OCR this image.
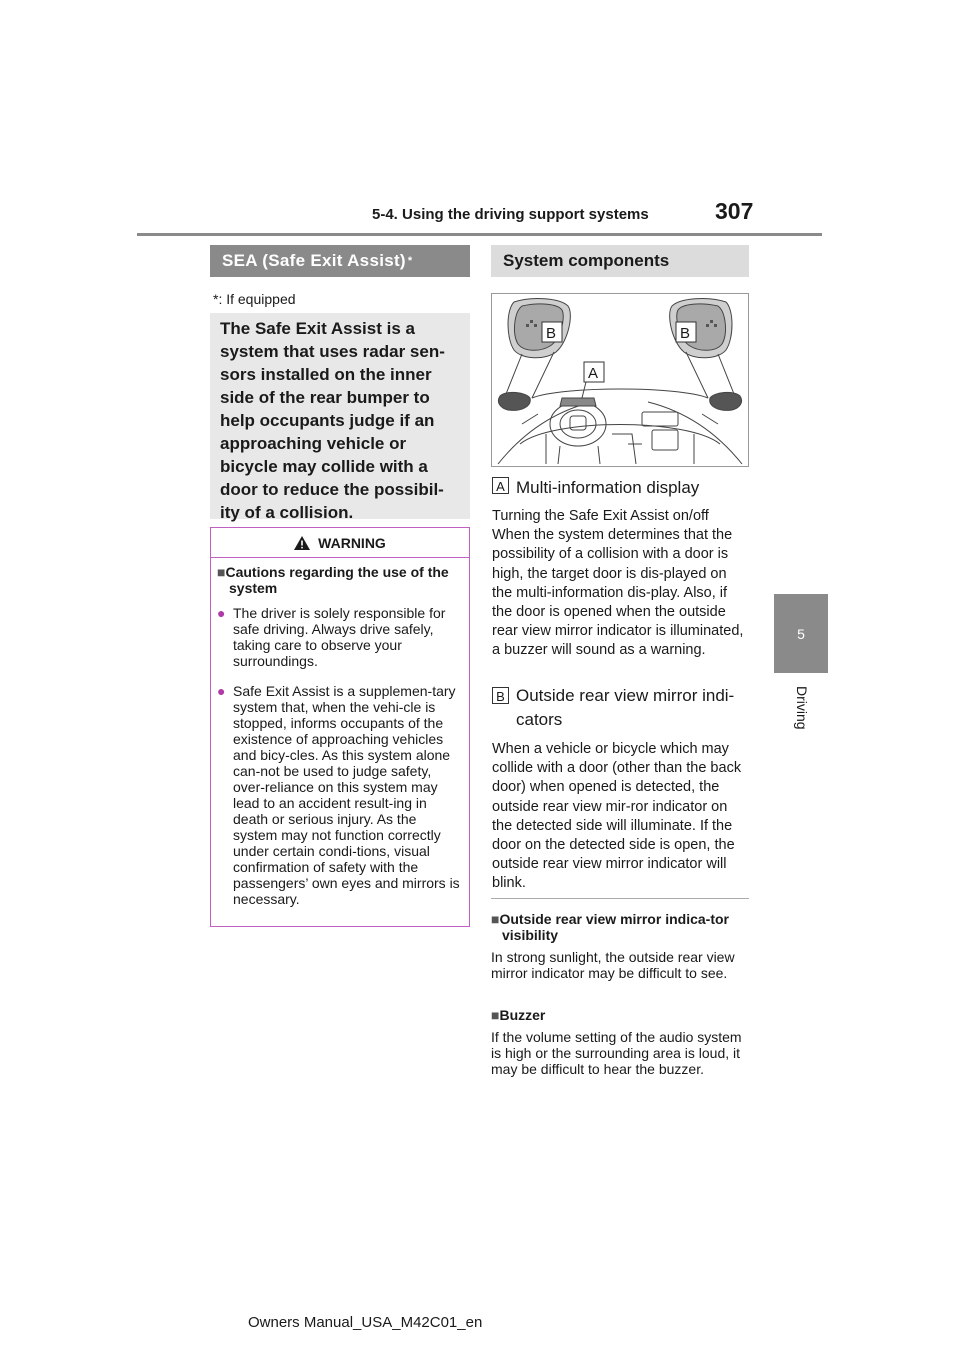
5-4. Using the driving support systems	307
5
Driving
SEA (Safe Exit Assist) *
*: If equipped
The Safe Exit Assist is a
system that uses radar sen-
sors installed on the inner
side of the rear bumper to
help occupants judge if an
approaching vehicle or
bicycle may collide with a
door to reduce the possibil-
ity of a collision.
WARNING
■Cautions regarding the use of the system
● The driver is solely responsible for safe driving. Always drive safely, taking care to observe your surroundings.
● Safe Exit Assist is a supplemen-tary system that, when the vehi-cle is stopped, informs occupants of the existence of approaching vehicles and bicy-cles. As this system alone can-not be used to judge safety, over-reliance on this system may lead to an accident result-ing in death or serious injury. As the system may not function correctly under certain condi-tions, visual confirmation of safety with the passengers’ own eyes and mirrors is necessary.
System components
B	B
A
A Multi-information display
Turning the Safe Exit Assist on/off When the system determines that the possibility of a collision with a door is high, the target door is dis-played on the multi-information dis-play. Also, if the door is opened when the outside rear view mirror indicator is illuminated, a buzzer will sound as a warning.
B Outside rear view mirror indi-cators
When a vehicle or bicycle which may collide with a door (other than the back door) when opened is detected, the outside rear view mir-ror indicator on the detected side will illuminate. If the door on the detected side is open, the outside rear view mirror indicator will blink.
■Outside rear view mirror indica-tor visibility
In strong sunlight, the outside rear view mirror indicator may be difficult to see.
■Buzzer
If the volume setting of the audio system is high or the surrounding area is loud, it may be difficult to hear the buzzer.
Owners Manual_USA_M42C01_en
